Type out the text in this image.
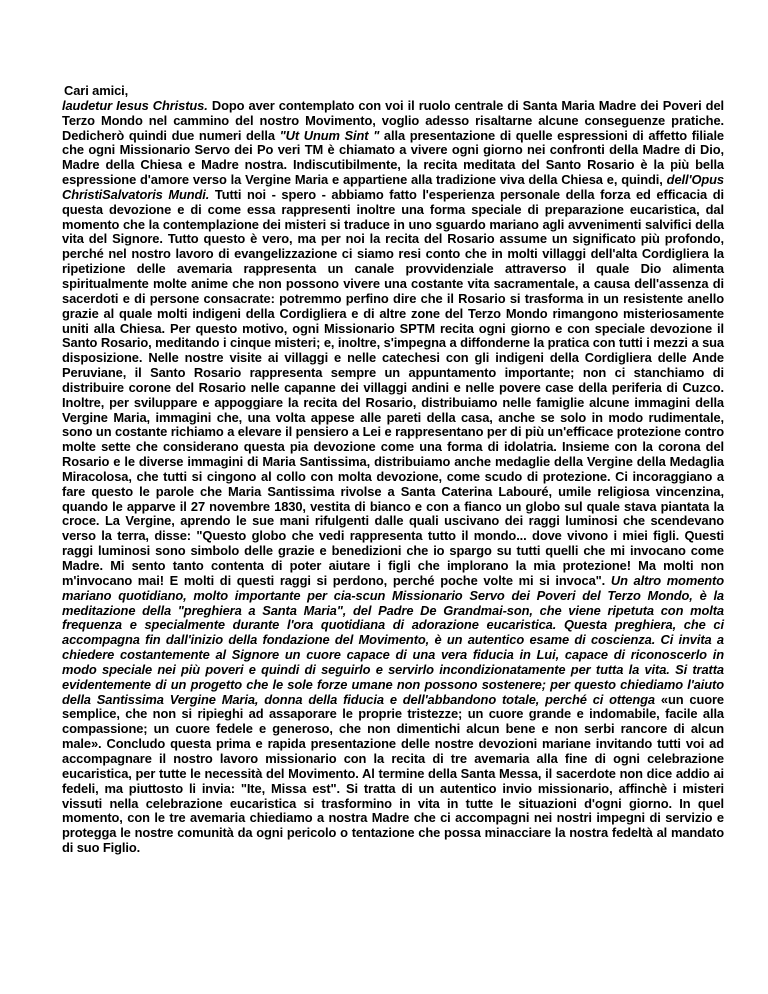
Cari amici,

laudetur Iesus Christus. Dopo aver contemplato con voi il ruolo centrale di Santa Maria Madre dei Poveri del Terzo Mondo nel cammino del nostro Movimento, voglio adesso risaltarne alcune conseguenze pratiche. Dedicherò quindi due numeri della "Ut Unum Sint " alla presentazione di quelle espressioni di affetto filiale che ogni Missionario Servo dei Po veri TM è chiamato a vivere ogni giorno nei confronti della Madre di Dio, Madre della Chiesa e Madre nostra. Indiscutibilmente, la recita meditata del Santo Rosario è la più bella espressione d'amore verso la Vergine Maria e appartiene alla tradizione viva della Chiesa e, quindi, dell'Opus ChristiSalvatoris Mundi. Tutti noi - spero - abbiamo fatto l'esperienza personale della forza ed efficacia di questa devozione e di come essa rappresenti inoltre una forma speciale di preparazione eucaristica, dal momento che la contemplazione dei misteri si traduce in uno sguardo mariano agli avvenimenti salvifici della vita del Signore. Tutto questo è vero, ma per noi la recita del Rosario assume un significato più profondo, perché nel nostro lavoro di evangelizzazione ci siamo resi conto che in molti villaggi dell'alta Cordigliera la ripetizione delle avemaria rappresenta un canale provvidenziale attraverso il quale Dio alimenta spiritualmente molte anime che non possono vivere una costante vita sacramentale, a causa dell'assenza di sacerdoti e di persone consacrate: potremmo perfino dire che il Rosario si trasforma in un resistente anello grazie al quale molti indigeni della Cordigliera e di altre zone del Terzo Mondo rimangono misteriosamente uniti alla Chiesa. Per questo motivo, ogni Missionario SPTM recita ogni giorno e con speciale devozione il Santo Rosario, meditando i cinque misteri; e, inoltre, s'impegna a diffonderne la pratica con tutti i mezzi a sua disposizione. Nelle nostre visite ai villaggi e nelle catechesi con gli indigeni della Cordigliera delle Ande Peruviane, il Santo Rosario rappresenta sempre un appuntamento importante; non ci stanchiamo di distribuire corone del Rosario nelle capanne dei villaggi andini e nelle povere case della periferia di Cuzco. Inoltre, per sviluppare e appoggiare la recita del Rosario, distribuiamo nelle famiglie alcune immagini della Vergine Maria, immagini che, una volta appese alle pareti della casa, anche se solo in modo rudimentale, sono un costante richiamo a elevare il pensiero a Lei e rappresentano per di più un'efficace protezione contro molte sette che considerano questa pia devozione come una forma di idolatria. Insieme con la corona del Rosario e le diverse immagini di Maria Santissima, distribuiamo anche medaglie della Vergine della Medaglia Miracolosa, che tutti si cingono al collo con molta devozione, come scudo di protezione. Ci incoraggiano a fare questo le parole che Maria Santissima rivolse a Santa Caterina Labouré, umile religiosa vincenzina, quando le apparve il 27 novembre 1830, vestita di bianco e con a fianco un globo sul quale stava piantata la croce. La Vergine, aprendo le sue mani rifulgenti dalle quali uscivano dei raggi luminosi che scendevano verso la terra, disse: "Questo globo che vedi rappresenta tutto il mondo... dove vivono i miei figli. Questi raggi luminosi sono simbolo delle grazie e benedizioni che io spargo su tutti quelli che mi invocano come Madre. Mi sento tanto contenta di poter aiutare i figli che implorano la mia protezione! Ma molti non m'invocano mai! E molti di questi raggi si perdono, perché poche volte mi si invoca". Un altro momento mariano quotidiano, molto importante per cia-scun Missionario Servo dei Poveri del Terzo Mondo, è la meditazione della "preghiera a Santa Maria", del Padre De Grandmai-son, che viene ripetuta con molta frequenza e specialmente durante l'ora quotidiana di adorazione eucaristica. Questa preghiera, che ci accompagna fin dall'inizio della fondazione del Movimento, è un autentico esame di coscienza. Ci invita a chiedere costantemente al Signore un cuore capace di una vera fiducia in Lui, capace di riconoscerlo in modo speciale nei più poveri e quindi di seguirlo e servirlo incondizionatamente per tutta la vita. Si tratta evidentemente di un progetto che le sole forze umane non possono sostenere; per questo chiediamo l'aiuto della Santissima Vergine Maria, donna della fiducia e dell'abbandono totale, perché ci ottenga «un cuore semplice, che non si ripieghi ad assaporare le proprie tristezze; un cuore grande e indomabile, facile alla compassione; un cuore fedele e generoso, che non dimentichi alcun bene e non serbi rancore di alcun male». Concludo questa prima e rapida presentazione delle nostre devozioni mariane invitando tutti voi ad accompagnare il nostro lavoro missionario con la recita di tre avemaria alla fine di ogni celebrazione eucaristica, per tutte le necessità del Movimento. Al termine della Santa Messa, il sacerdote non dice addio ai fedeli, ma piuttosto li invia: "Ite, Missa est". Si tratta di un autentico invio missionario, affinchè i misteri vissuti nella celebrazione eucaristica si trasformino in vita in tutte le situazioni d'ogni giorno. In quel momento, con le tre avemaria chiediamo a nostra Madre che ci accompagni nei nostri impegni di servizio e protegga le nostre comunità da ogni pericolo o tentazione che possa minacciare la nostra fedeltà al mandato di suo Figlio.
